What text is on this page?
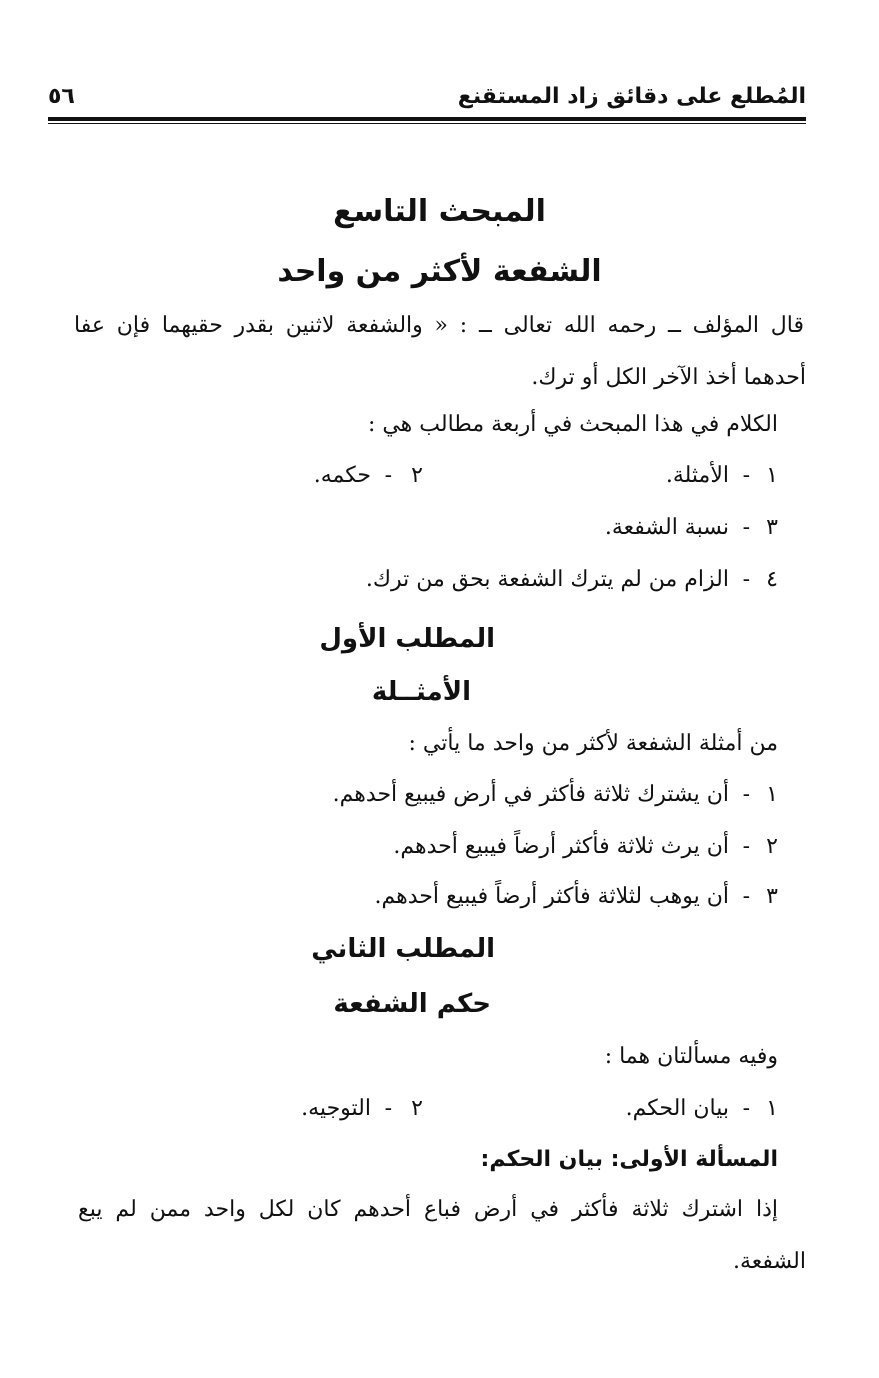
المُطلع على دقائق زاد المستقنع
٥٦
المبحث التاسع
الشفعة لأكثر من واحد
قال المؤلف ــ رحمه الله تعالى ــ : « والشفعة لاثنين بقدر حقيهما فإن عفا
أحدهما أخذ الآخر الكل أو ترك.
الكلام في هذا المبحث في أربعة مطالب هي :
١
-
الأمثلة.
٢
-
حكمه.
٣
-
نسبة الشفعة.
٤
-
الزام من لم يترك الشفعة بحق من ترك.
المطلب الأول
الأمثــلة
من أمثلة الشفعة لأكثر من واحد ما يأتي :
١
-
أن يشترك ثلاثة فأكثر في أرض فيبيع أحدهم.
٢
-
أن يرث ثلاثة فأكثر أرضاً فيبيع أحدهم.
٣
-
أن يوهب لثلاثة فأكثر أرضاً فيبيع أحدهم.
المطلب الثاني
حكم الشفعة
وفيه مسألتان هما :
١
-
بيان الحكم.
٢
-
التوجيه.
المسألة الأولى: بيان الحكم:
إذا اشترك ثلاثة فأكثر في أرض فباع أحدهم كان لكل واحد ممن لم يبع
الشفعة.
